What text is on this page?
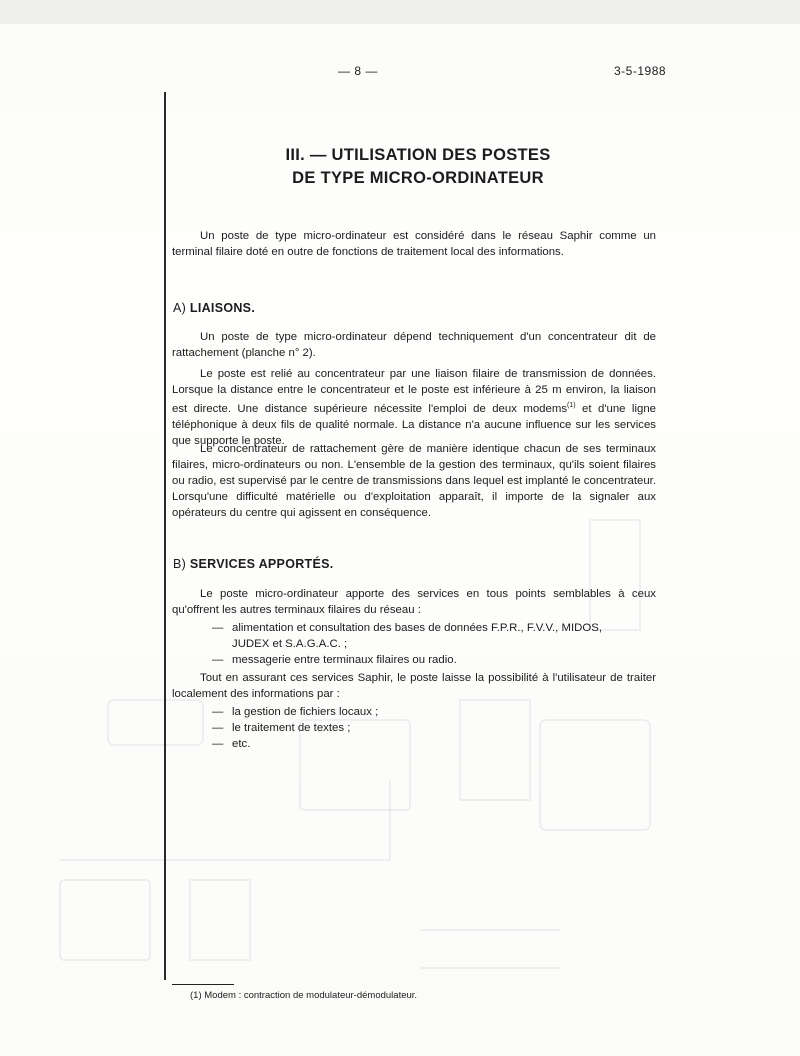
— 8 —	3-5-1988
III. — UTILISATION DES POSTES
DE TYPE MICRO-ORDINATEUR

Un poste de type micro-ordinateur est considéré dans le réseau Saphir comme un terminal filaire doté en outre de fonctions de traitement local des informations.

A) LIAISONS.

Un poste de type micro-ordinateur dépend techniquement d'un concentrateur dit de rattachement (planche n° 2).

Le poste est relié au concentrateur par une liaison filaire de transmission de données. Lorsque la distance entre le concentrateur et le poste est inférieure à 25 m environ, la liaison est directe. Une distance supérieure nécessite l'emploi de deux modems$^{(1)}$ et d'une ligne téléphonique à deux fils de qualité normale. La distance n'a aucune influence sur les services que supporte le poste.

Le concentrateur de rattachement gère de manière identique chacun de ses terminaux filaires, micro-ordinateurs ou non. L'ensemble de la gestion des terminaux, qu'ils soient filaires ou radio, est supervisé par le centre de transmissions dans lequel est implanté le concentrateur. Lorsqu'une difficulté matérielle ou d'exploitation apparaît, il importe de la signaler aux opérateurs du centre qui agissent en conséquence.

B) SERVICES APPORTÉS.

Le poste micro-ordinateur apporte des services en tous points semblables à ceux qu'offrent les autres terminaux filaires du réseau :

— alimentation et consultation des bases de données F.P.R., F.V.V., MIDOS,
JUDEX et S.A.G.A.C. ;
— messagerie entre terminaux filaires ou radio.

Tout en assurant ces services Saphir, le poste laisse la possibilité à l'utilisateur de traiter localement des informations par :

— la gestion de fichiers locaux ;
— le traitement de textes ;
— etc.
(1) Modem : contraction de modulateur-démodulateur.
